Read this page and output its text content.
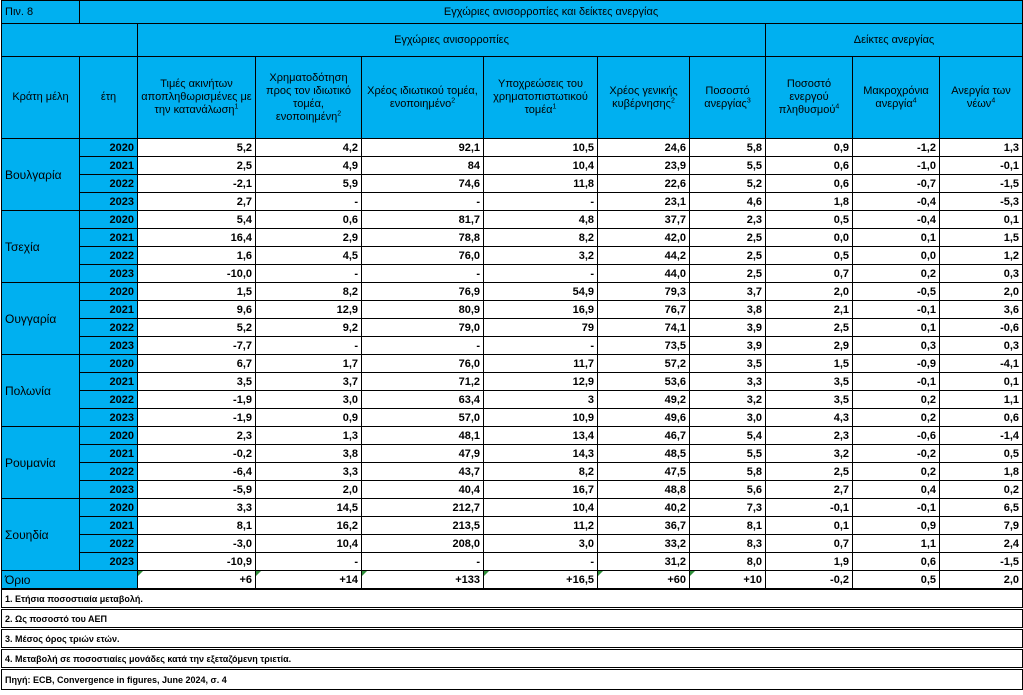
Πιν. 8	Εγχώριες ανισορροπίες και δείκτες ανεργίας									
		Εγχώριες ανισορροπίες						Δείκτες ανεργίας		
Κράτη μέλη	έτη	Τιμές ακινήτων αποπληθωρισμένες με την κατανάλωση$^1$	Χρηματοδότηση προς τον ιδιωτικό τομέα, ενοποιημένη$^2$	Χρέος ιδιωτικού τομέα, ενοποιημένο$^2$	Υποχρεώσεις του χρηματοπιστωτικού τομέα$^1$	Χρέος γενικής κυβέρνησης$^2$	Ποσοστό ανεργίας$^3$	Ποσοστό ενεργού πληθυσμού$^4$	Μακροχρόνια ανεργία$^4$	Ανεργία των νέων$^4$
Βουλγαρία	2020	5,2	4,2	92,1	10,5	24,6	5,8	0,9	-1,2	1,3
	2021	2,5	4,9	84	10,4	23,9	5,5	0,6	-1,0	-0,1
	2022	-2,1	5,9	74,6	11,8	22,6	5,2	0,6	-0,7	-1,5
	2023	2,7	-	-	-	23,1	4,6	1,8	-0,4	-5,3
Τσεχία	2020	5,4	0,6	81,7	4,8	37,7	2,3	0,5	-0,4	0,1
	2021	16,4	2,9	78,8	8,2	42,0	2,5	0,0	0,1	1,5
	2022	1,6	4,5	76,0	3,2	44,2	2,5	0,5	0,0	1,2
	2023	-10,0	-	-	-	44,0	2,5	0,7	0,2	0,3
Ουγγαρία	2020	1,5	8,2	76,9	54,9	79,3	3,7	2,0	-0,5	2,0
	2021	9,6	12,9	80,9	16,9	76,7	3,8	2,1	-0,1	3,6
	2022	5,2	9,2	79,0	79	74,1	3,9	2,5	0,1	-0,6
	2023	-7,7	-	-	-	73,5	3,9	2,9	0,3	0,3
Πολωνία	2020	6,7	1,7	76,0	11,7	57,2	3,5	1,5	-0,9	-4,1
	2021	3,5	3,7	71,2	12,9	53,6	3,3	3,5	-0,1	0,1
	2022	-1,9	3,0	63,4	3	49,2	3,2	3,5	0,2	1,1
	2023	-1,9	0,9	57,0	10,9	49,6	3,0	4,3	0,2	0,6
Ρουμανία	2020	2,3	1,3	48,1	13,4	46,7	5,4	2,3	-0,6	-1,4
	2021	-0,2	3,8	47,9	14,3	48,5	5,5	3,2	-0,2	0,5
	2022	-6,4	3,3	43,7	8,2	47,5	5,8	2,5	0,2	1,8
	2023	-5,9	2,0	40,4	16,7	48,8	5,6	2,7	0,4	0,2
Σουηδία	2020	3,3	14,5	212,7	10,4	40,2	7,3	-0,1	-0,1	6,5
	2021	8,1	16,2	213,5	11,2	36,7	8,1	0,1	0,9	7,9
	2022	-3,0	10,4	208,0	3,0	33,2	8,3	0,7	1,1	2,4
	2023	-10,9	-	-	-	31,2	8,0	1,9	0,6	-1,5
Όριο		+6	+14	+133	+16,5	+60	+10	-0,2	0,5	2,0
1. Ετήσια ποσοστιαία μεταβολή.

2. Ως ποσοστό του ΑΕΠ

3. Μέσος όρος τριών ετών.

4. Μεταβολή σε ποσοστιαίες μονάδες κατά την εξεταζόμενη τριετία.

Πηγή: ECB, Convergence in figures, June 2024, σ. 4
